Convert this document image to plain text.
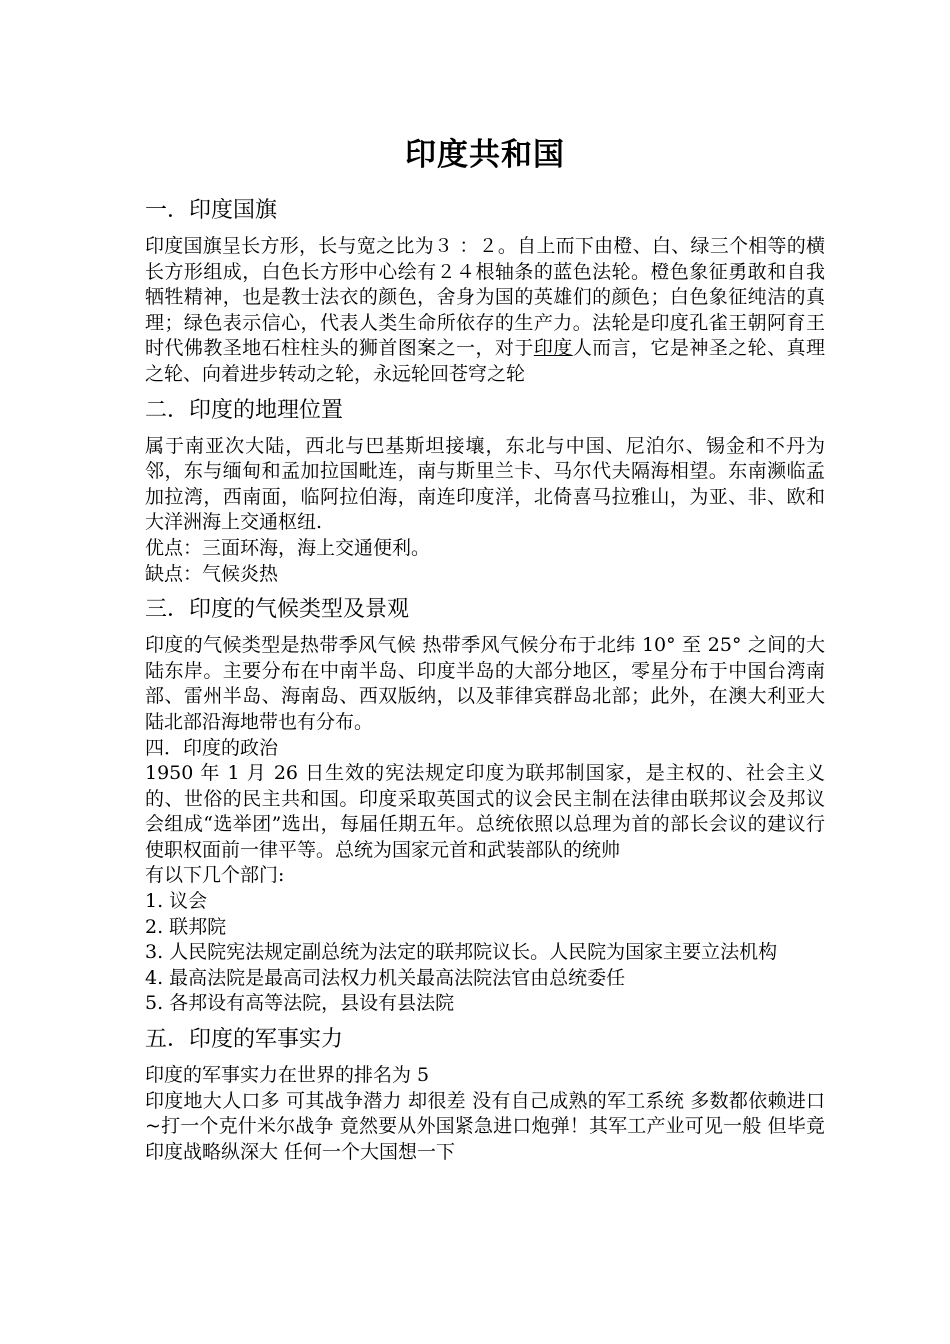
印度共和国
一．印度国旗
印度国旗呈长方形，长与宽之比为３ ：２。自上而下由橙、白、绿三个相等的横长方形组成，白色长方形中心绘有２４根轴条的蓝色法轮。橙色象征勇敢和自我牺牲精神，也是教士法衣的颜色，舍身为国的英雄们的颜色；白色象征纯洁的真理；绿色表示信心，代表人类生命所依存的生产力。法轮是印度孔雀王朝阿育王时代佛教圣地石柱柱头的狮首图案之一，对于印度人而言，它是神圣之轮、真理之轮、向着进步转动之轮，永远轮回苍穹之轮
二．印度的地理位置
属于南亚次大陆，西北与巴基斯坦接壤，东北与中国、尼泊尔、锡金和不丹为邻，东与缅甸和孟加拉国毗连，南与斯里兰卡、马尔代夫隔海相望。东南濒临孟加拉湾，西南面，临阿拉伯海，南连印度洋，北倚喜马拉雅山，为亚、非、欧和大洋洲海上交通枢纽.
优点：三面环海，海上交通便利。
缺点：气候炎热
三．印度的气候类型及景观
印度的气候类型是热带季风气候 热带季风气候分布于北纬 10° 至 25° 之间的大陆东岸。主要分布在中南半岛、印度半岛的大部分地区，零星分布于中国台湾南部、雷州半岛、海南岛、西双版纳，以及菲律宾群岛北部；此外，在澳大利亚大陆北部沿海地带也有分布。
四．印度的政治
1950 年 1 月 26 日生效的宪法规定印度为联邦制国家，是主权的、社会主义的、世俗的民主共和国。印度采取英国式的议会民主制在法律由联邦议会及邦议会组成“选举团”选出，每届任期五年。总统依照以总理为首的部长会议的建议行使职权面前一律平等。总统为国家元首和武装部队的统帅
有以下几个部门:
1. 议会
2. 联邦院
3. 人民院宪法规定副总统为法定的联邦院议长。人民院为国家主要立法机构
4. 最高法院是最高司法权力机关最高法院法官由总统委任
5. 各邦设有高等法院，县设有县法院
五．印度的军事实力
印度的军事实力在世界的排名为 5
印度地大人口多 可其战争潜力 却很差 没有自己成熟的军工系统 多数都依赖进口~打一个克什米尔战争 竟然要从外国紧急进口炮弹！其军工产业可见一般 但毕竟印度战略纵深大 任何一个大国想一下
